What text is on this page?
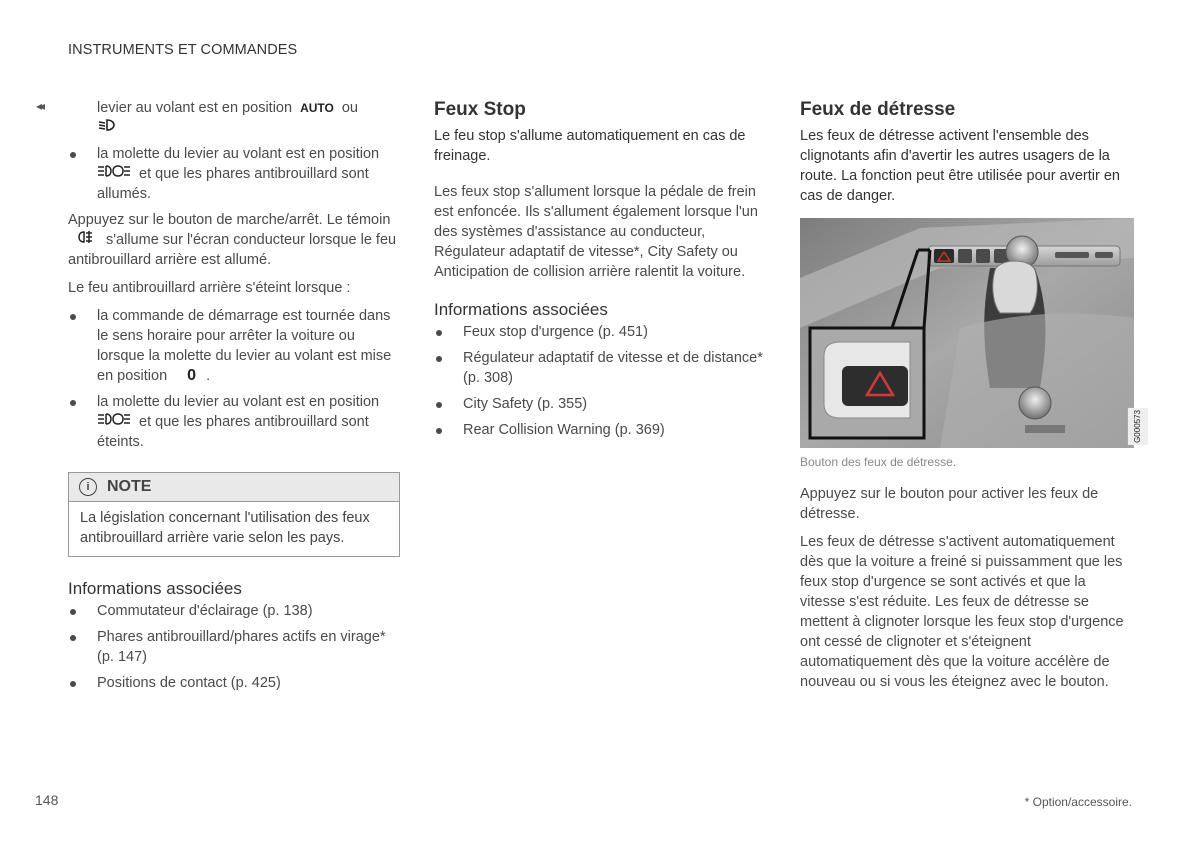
INSTRUMENTS ET COMMANDES
◂◂	levier au volant est en position AUTO ou

la molette du levier au volant est en position
et que les phares antibrouillard sont allumés.

Appuyez sur le bouton de marche/arrêt. Le témoin  s'allume sur l'écran conducteur lorsque le feu antibrouillard arrière est allumé.

Le feu antibrouillard arrière s'éteint lorsque :

la commande de démarrage est tournée dans le sens horaire pour arrêter la voiture ou lorsque la molette du levier au volant est mise en position 0 .
la molette du levier au volant est en position
et que les phares antibrouillard sont éteints.
i	NOTE
La législation concernant l'utilisation des feux antibrouillard arrière varie selon les pays.
Informations associées
Commutateur d'éclairage (p. 138)
Phares antibrouillard/phares actifs en virage* (p. 147)
Positions de contact (p. 425)
Feux Stop

Le feu stop s'allume automatiquement en cas de freinage.

Les feux stop s'allument lorsque la pédale de frein est enfoncée. Ils s'allument également lorsque l'un des systèmes d'assistance au conducteur, Régulateur adaptatif de vitesse*, City Safety ou Anticipation de collision arrière ralentit la voiture.

Informations associées
Feux stop d'urgence (p. 451)
Régulateur adaptatif de vitesse et de distance* (p. 308)
City Safety (p. 355)
Rear Collision Warning (p. 369)
Feux de détresse

Les feux de détresse activent l'ensemble des clignotants afin d'avertir les autres usagers de la route. La fonction peut être utilisée pour avertir en cas de danger.

G000573
Bouton des feux de détresse.

Appuyez sur le bouton pour activer les feux de détresse.

Les feux de détresse s'activent automatiquement dès que la voiture a freiné si puissamment que les feux stop d'urgence se sont activés et que la vitesse s'est réduite. Les feux de détresse se mettent à clignoter lorsque les feux stop d'urgence ont cessé de clignoter et s'éteignent automatiquement dès que la voiture accélère de nouveau ou si vous les éteignez avec le bouton.

148	* Option/accessoire.
